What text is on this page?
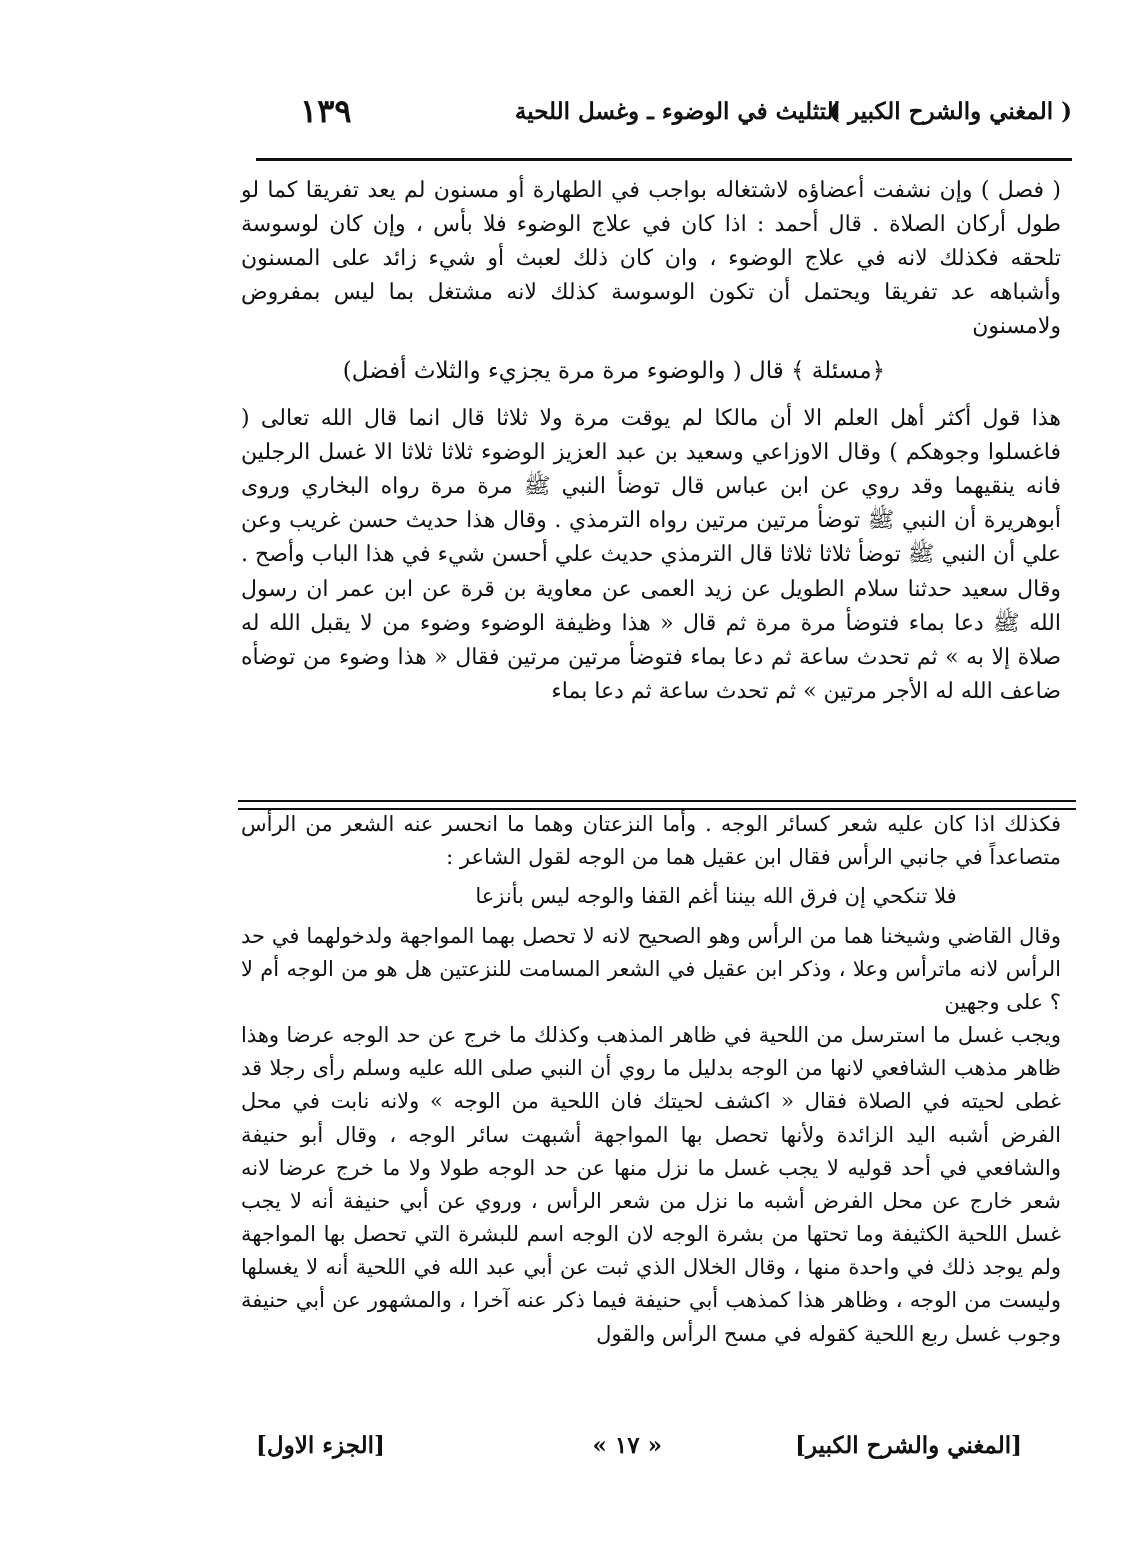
( المغني والشرح الكبير )
التثليث في الوضوء ـ وغسل اللحية
١٣٩

( فصل ) وإن نشفت أعضاؤه لاشتغاله بواجب في الطهارة أو مسنون لم يعد تفريقا كما لو طول أركان الصلاة . قال أحمد : اذا كان في علاج الوضوء فلا بأس ، وإن كان لوسوسة تلحقه فكذلك لانه في علاج الوضوء ، وان كان ذلك لعبث أو شيء زائد على المسنون وأشباهه عد تفريقا ويحتمل أن تكون الوسوسة كذلك لانه مشتغل بما ليس بمفروض ولامسنون

﴿مسئلة ﴾ قال ( والوضوء مرة مرة يجزيء والثلاث أفضل)

هذا قول أكثر أهل العلم الا أن مالكا لم يوقت مرة ولا ثلاثا قال انما قال الله تعالى ( فاغسلوا وجوهكم ) وقال الاوزاعي وسعيد بن عبد العزيز الوضوء ثلاثا ثلاثا الا غسل الرجلين فانه ينقيهما وقد روي عن ابن عباس قال توضأ النبي ﷺ مرة مرة رواه البخاري وروى أبوهريرة أن النبي ﷺ توضأ مرتين مرتين رواه الترمذي . وقال هذا حديث حسن غريب وعن علي أن النبي ﷺ توضأ ثلاثا ثلاثا قال الترمذي حديث علي أحسن شيء في هذا الباب وأصح . وقال سعيد حدثنا سلام الطويل عن زيد العمى عن معاوية بن قرة عن ابن عمر ان رسول الله ﷺ دعا بماء فتوضأ مرة مرة ثم قال « هذا وظيفة الوضوء وضوء من لا يقبل الله له صلاة إلا به » ثم تحدث ساعة ثم دعا بماء فتوضأ مرتين مرتين فقال « هذا وضوء من توضأه ضاعف الله له الأجر مرتين » ثم تحدث ساعة ثم دعا بماء

فكذلك اذا كان عليه شعر كسائر الوجه . وأما النزعتان وهما ما انحسر عنه الشعر من الرأس متصاعداً في جانبي الرأس فقال ابن عقيل هما من الوجه لقول الشاعر :

فلا تنكحي إن فرق الله بيننا أغم القفا والوجه ليس بأنزعا

وقال القاضي وشيخنا هما من الرأس وهو الصحيح لانه لا تحصل بهما المواجهة ولدخولهما في حد الرأس لانه ماترأس وعلا ، وذكر ابن عقيل في الشعر المسامت للنزعتين هل هو من الوجه أم لا ؟ على وجهين

ويجب غسل ما استرسل من اللحية في ظاهر المذهب وكذلك ما خرج عن حد الوجه عرضا وهذا ظاهر مذهب الشافعي لانها من الوجه بدليل ما روي أن النبي صلى الله عليه وسلم رأى رجلا قد غطى لحيته في الصلاة فقال « اكشف لحيتك فان اللحية من الوجه » ولانه نابت في محل الفرض أشبه اليد الزائدة ولأنها تحصل بها المواجهة أشبهت سائر الوجه ، وقال أبو حنيفة والشافعي في أحد قوليه لا يجب غسل ما نزل منها عن حد الوجه طولا ولا ما خرج عرضا لانه شعر خارج عن محل الفرض أشبه ما نزل من شعر الرأس ، وروي عن أبي حنيفة أنه لا يجب غسل اللحية الكثيفة وما تحتها من بشرة الوجه لان الوجه اسم للبشرة التي تحصل بها المواجهة ولم يوجد ذلك في واحدة منها ، وقال الخلال الذي ثبت عن أبي عبد الله في اللحية أنه لا يغسلها وليست من الوجه ، وظاهر هذا كمذهب أبي حنيفة فيما ذكر عنه آخرا ، والمشهور عن أبي حنيفة وجوب غسل ربع اللحية كقوله في مسح الرأس والقول

[المغني والشرح الكبير]
« ١٧ »
[الجزء الاول]
